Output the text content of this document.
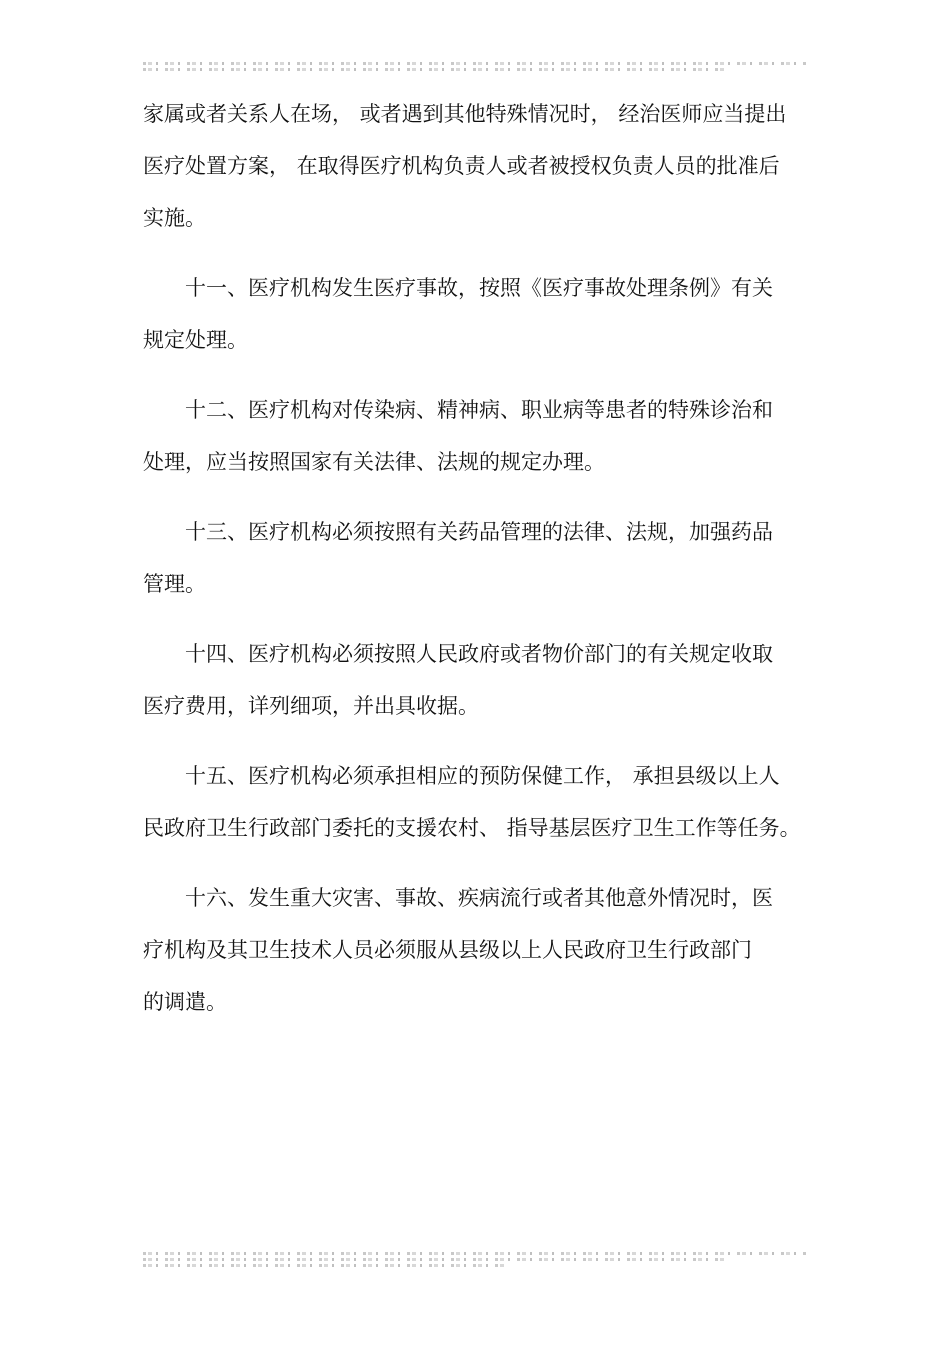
家属或者关系人在场， 或者遇到其他特殊情况时， 经治医师应当提出
医疗处置方案， 在取得医疗机构负责人或者被授权负责人员的批准后
实施。

十一、医疗机构发生医疗事故，按照《医疗事故处理条例》有关
规定处理。

十二、医疗机构对传染病、精神病、职业病等患者的特殊诊治和
处理，应当按照国家有关法律、法规的规定办理。

十三、医疗机构必须按照有关药品管理的法律、法规，加强药品
管理。

十四、医疗机构必须按照人民政府或者物价部门的有关规定收取
医疗费用，详列细项，并出具收据。

十五、医疗机构必须承担相应的预防保健工作， 承担县级以上人
民政府卫生行政部门委托的支援农村、 指导基层医疗卫生工作等任务。

十六、发生重大灾害、事故、疾病流行或者其他意外情况时，医
疗机构及其卫生技术人员必须服从县级以上人民政府卫生行政部门
的调遣。
